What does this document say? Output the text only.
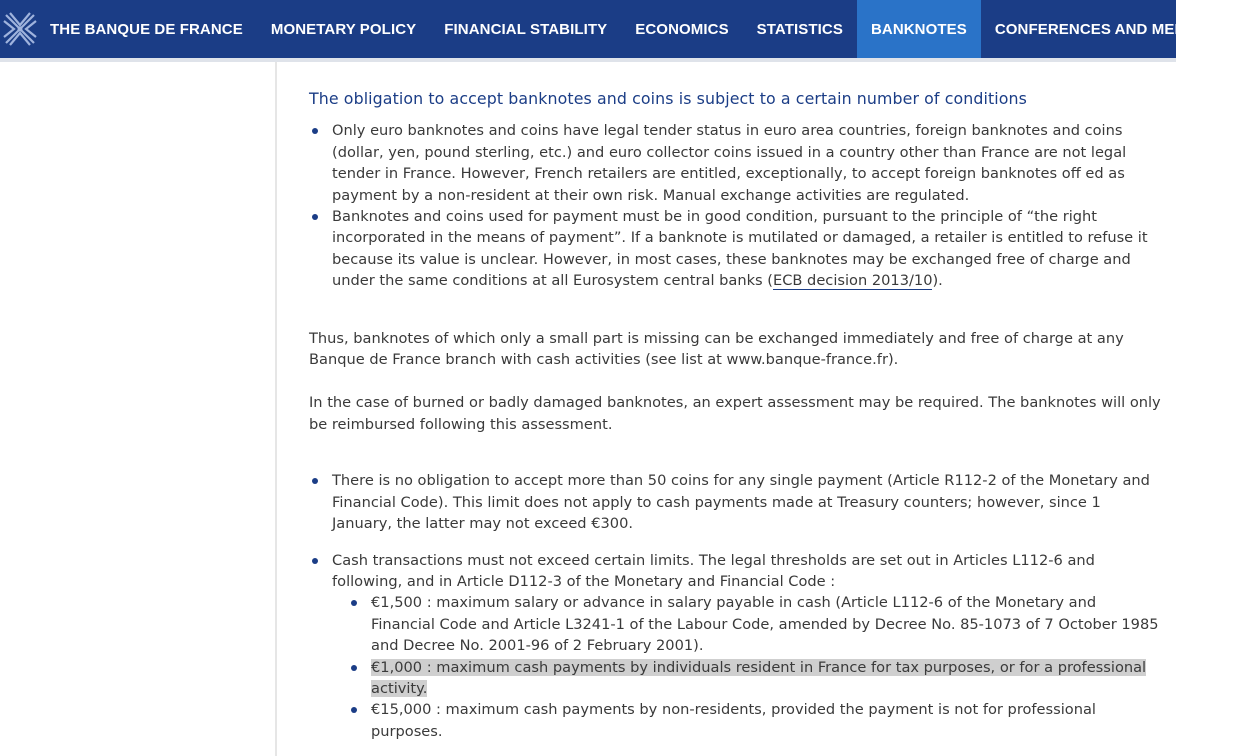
THE BANQUE DE FRANCE	MONETARY POLICY	FINANCIAL STABILITY	ECONOMICS	STATISTICS	BANKNOTES	CONFERENCES AND MEDIA
The obligation to accept banknotes and coins is subject to a certain number of conditions
Only euro banknotes and coins have legal tender status in euro area countries, foreign banknotes and coins (dollar, yen, pound sterling, etc.) and euro collector coins issued in a country other than France are not legal tender in France. However, French retailers are entitled, exceptionally, to accept foreign banknotes off ed as payment by a non-resident at their own risk. Manual exchange activities are regulated.
Banknotes and coins used for payment must be in good condition, pursuant to the principle of “the right incorporated in the means of payment”. If a banknote is mutilated or damaged, a retailer is entitled to refuse it because its value is unclear. However, in most cases, these banknotes may be exchanged free of charge and under the same conditions at all Eurosystem central banks (ECB decision 2013/10).

Thus, banknotes of which only a small part is missing can be exchanged immediately and free of charge at any Banque de France branch with cash activities (see list at www.banque-france.fr).

In the case of burned or badly damaged banknotes, an expert assessment may be required. The banknotes will only be reimbursed following this assessment.

There is no obligation to accept more than 50 coins for any single payment (Article R112-2 of the Monetary and Financial Code). This limit does not apply to cash payments made at Treasury counters; however, since 1 January, the latter may not exceed €300.
Cash transactions must not exceed certain limits. The legal thresholds are set out in Articles L112-6 and following, and in Article D112-3 of the Monetary and Financial Code :
€1,500 : maximum salary or advance in salary payable in cash (Article L112-6 of the Monetary and Financial Code and Article L3241-1 of the Labour Code, amended by Decree No. 85-1073 of 7 October 1985 and Decree No. 2001-96 of 2 February 2001).
€1,000 : maximum cash payments by individuals resident in France for tax purposes, or for a professional activity.
€15,000 : maximum cash payments by non-residents, provided the payment is not for professional purposes.
